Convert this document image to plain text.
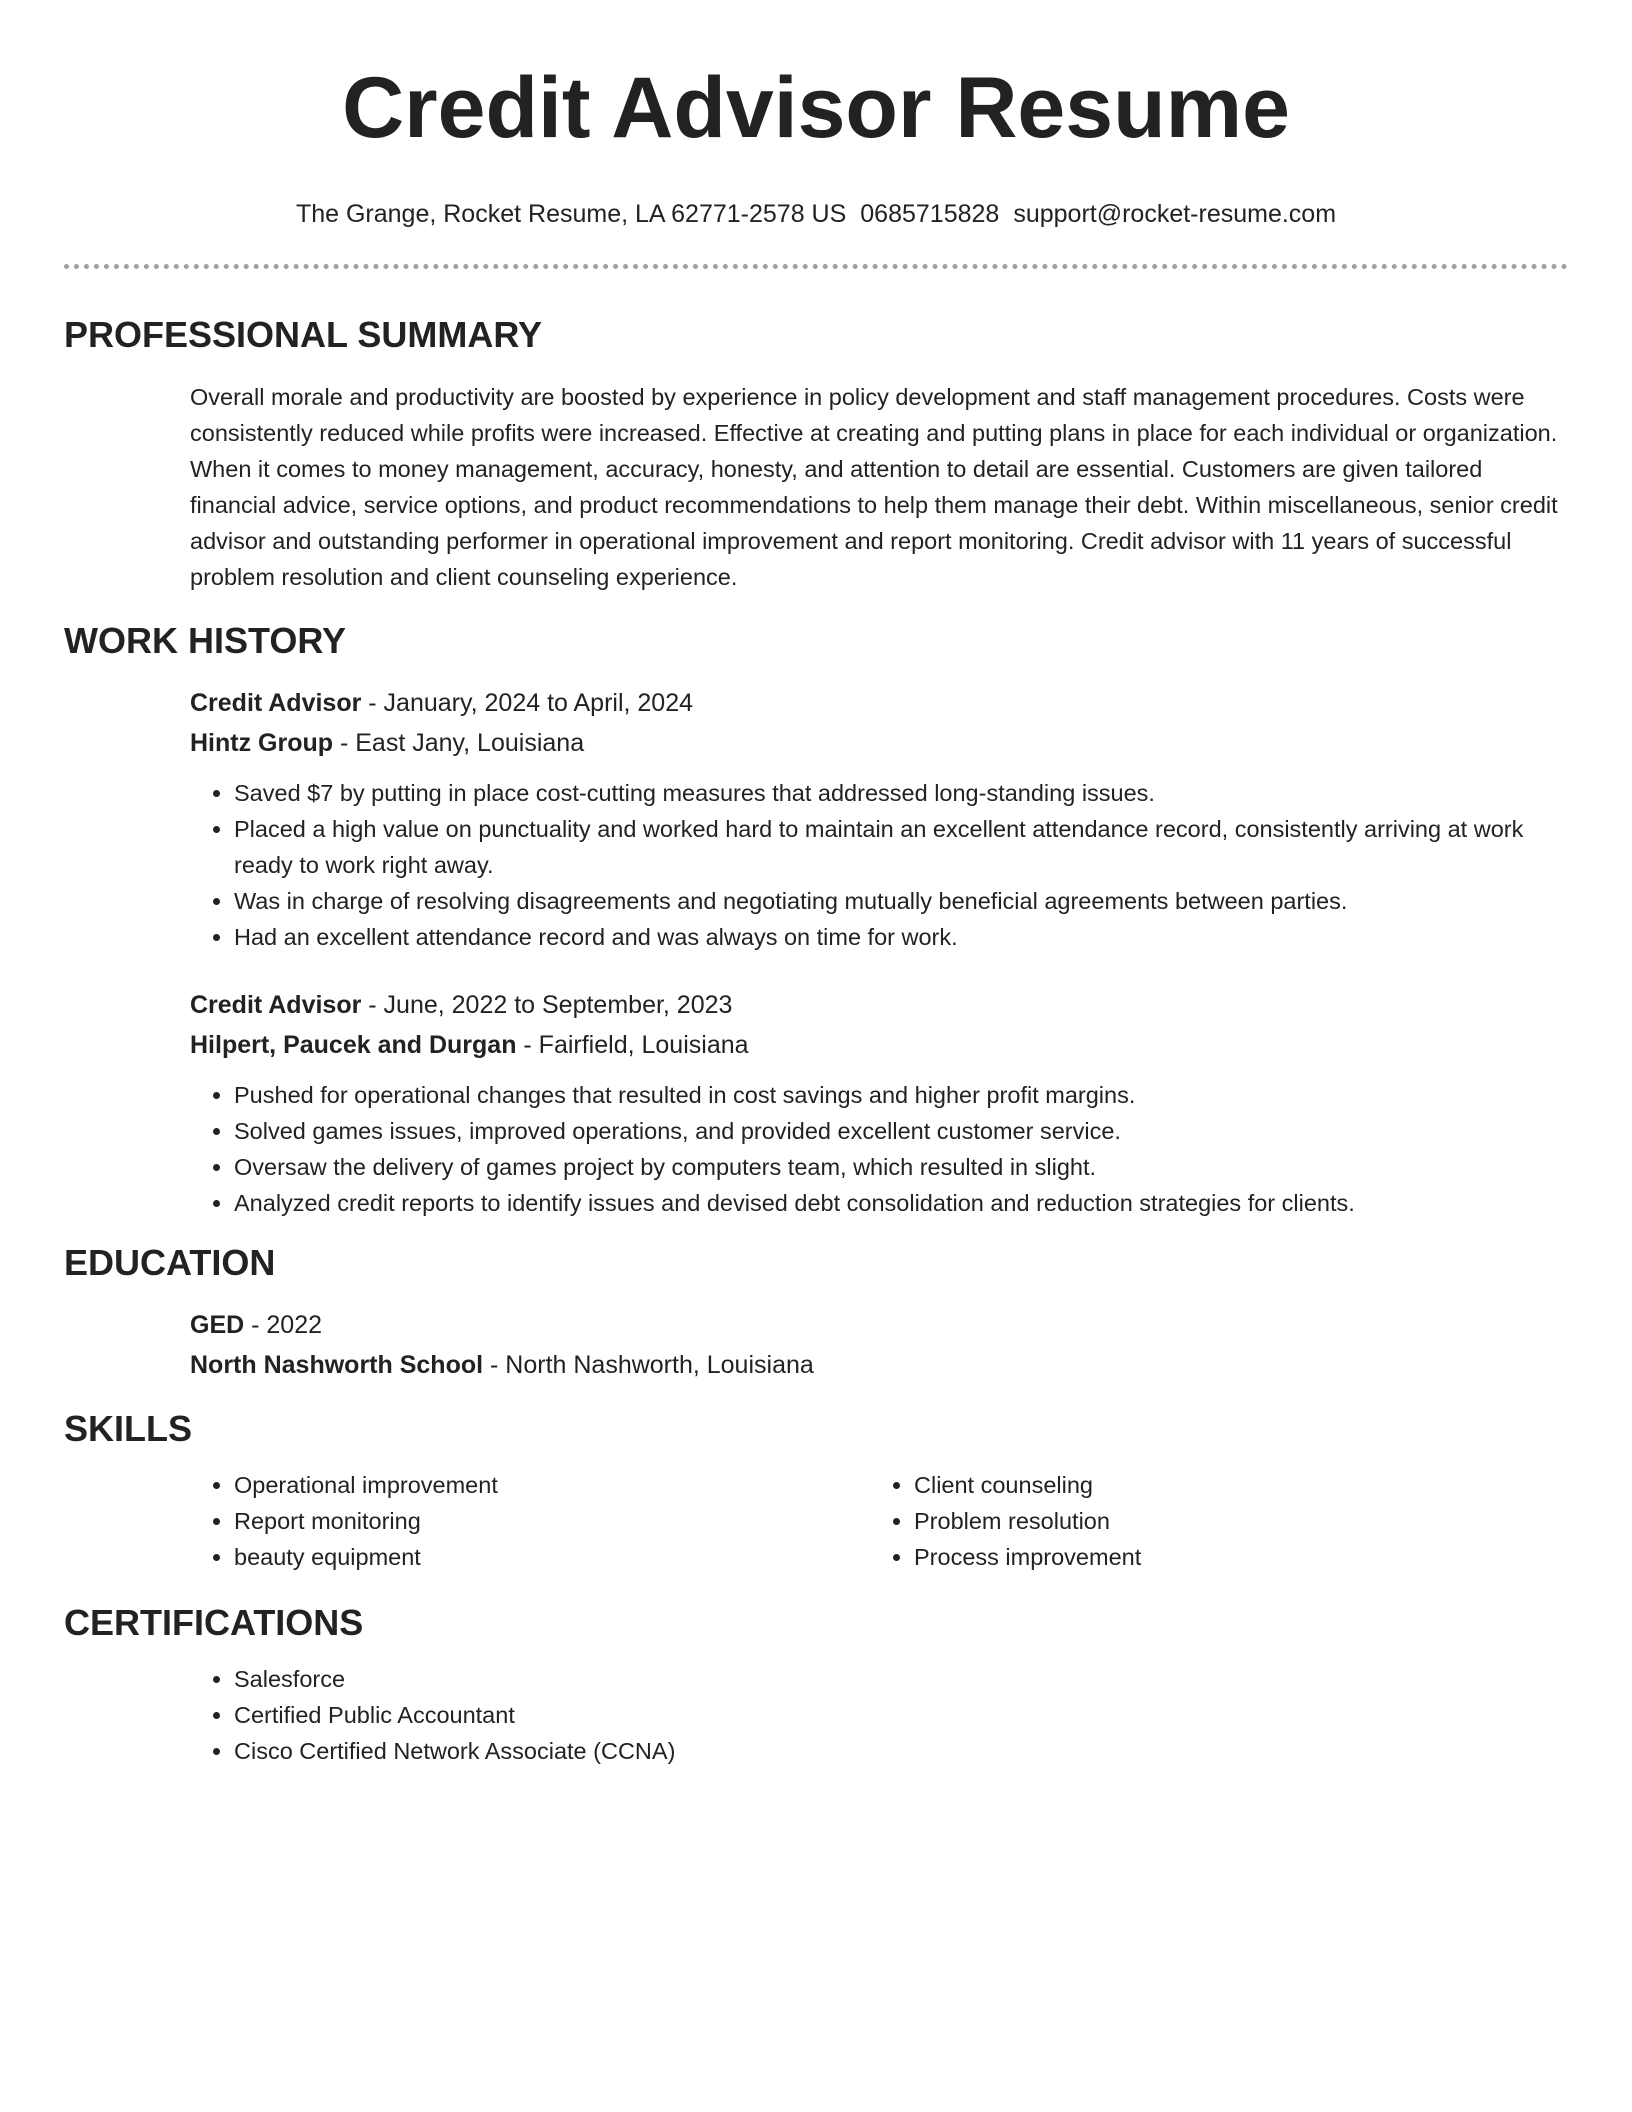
Credit Advisor Resume
The Grange, Rocket Resume, LA 62771-2578 US 0685715828 support@rocket-resume.com
PROFESSIONAL SUMMARY

Overall morale and productivity are boosted by experience in policy development and staff management procedures. Costs were consistently reduced while profits were increased. Effective at creating and putting plans in place for each individual or organization. When it comes to money management, accuracy, honesty, and attention to detail are essential. Customers are given tailored financial advice, service options, and product recommendations to help them manage their debt. Within miscellaneous, senior credit advisor and outstanding performer in operational improvement and report monitoring. Credit advisor with 11 years of successful problem resolution and client counseling experience.

WORK HISTORY
Credit Advisor - January, 2024 to April, 2024
Hintz Group - East Jany, Louisiana
• Saved $7 by putting in place cost-cutting measures that addressed long-standing issues.
• Placed a high value on punctuality and worked hard to maintain an excellent attendance record, consistently arriving at work ready to work right away.
• Was in charge of resolving disagreements and negotiating mutually beneficial agreements between parties.
• Had an excellent attendance record and was always on time for work.
Credit Advisor - June, 2022 to September, 2023
Hilpert, Paucek and Durgan - Fairfield, Louisiana
• Pushed for operational changes that resulted in cost savings and higher profit margins.
• Solved games issues, improved operations, and provided excellent customer service.
• Oversaw the delivery of games project by computers team, which resulted in slight.
• Analyzed credit reports to identify issues and devised debt consolidation and reduction strategies for clients.
EDUCATION
GED - 2022
North Nashworth School - North Nashworth, Louisiana
SKILLS
• Operational improvement
• Report monitoring
• beauty equipment
• Client counseling
• Problem resolution
• Process improvement
CERTIFICATIONS
• Salesforce
• Certified Public Accountant
• Cisco Certified Network Associate (CCNA)
